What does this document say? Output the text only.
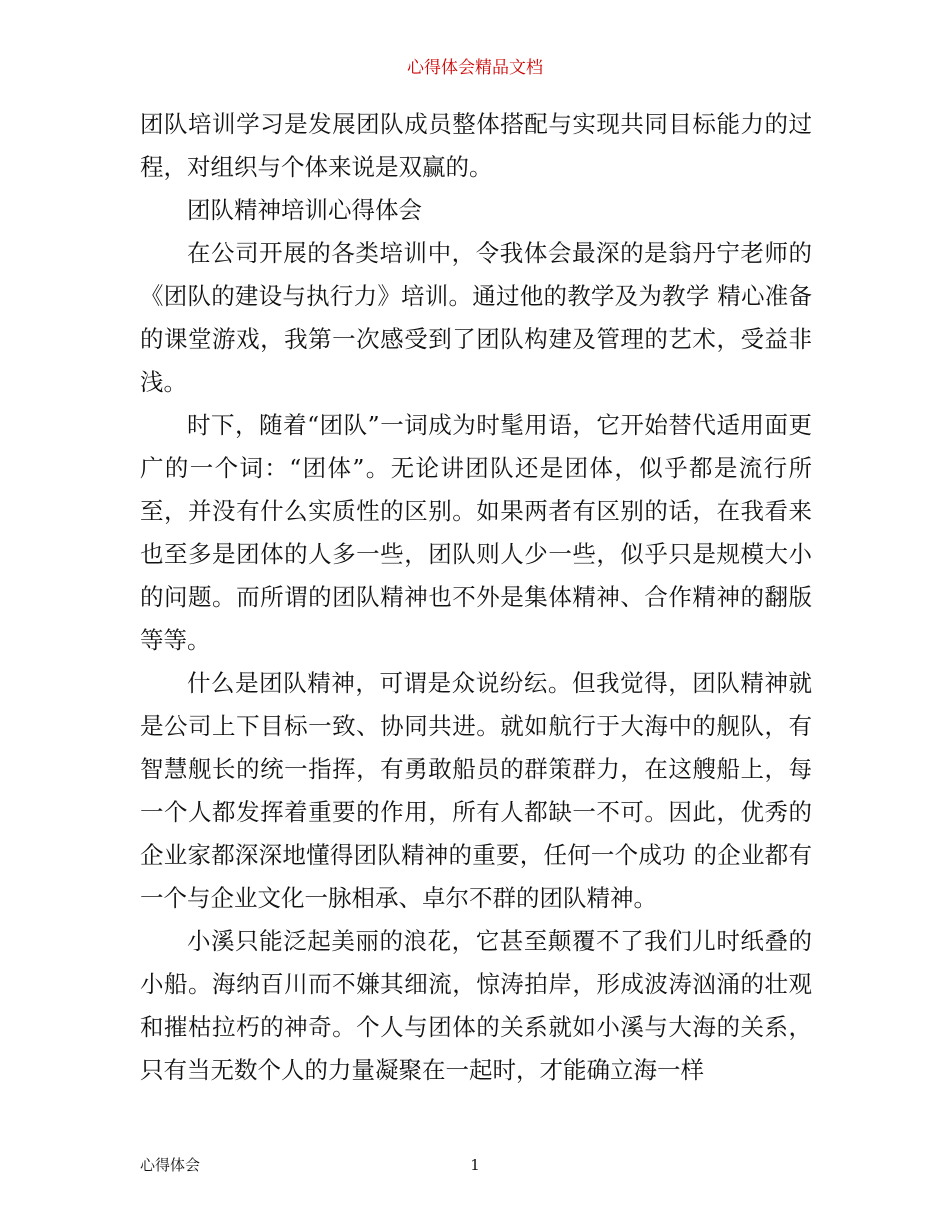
心得体会精品文档

团队培训学习是发展团队成员整体搭配与实现共同目标能力的过程，对组织与个体来说是双赢的。

团队精神培训心得体会

在公司开展的各类培训中，令我体会最深的是翁丹宁老师的《团队的建设与执行力》培训。通过他的教学及为教学 精心准备的课堂游戏，我第一次感受到了团队构建及管理的艺术，受益非浅。

时下，随着“团队”一词成为时髦用语，它开始替代适用面更广的一个词：“团体”。无论讲团队还是团体，似乎都是流行所至，并没有什么实质性的区别。如果两者有区别的话，在我看来也至多是团体的人多一些，团队则人少一些，似乎只是规模大小的问题。而所谓的团队精神也不外是集体精神、合作精神的翻版等等。

什么是团队精神，可谓是众说纷纭。但我觉得，团队精神就是公司上下目标一致、协同共进。就如航行于大海中的舰队，有智慧舰长的统一指挥，有勇敢船员的群策群力，在这艘船上，每一个人都发挥着重要的作用，所有人都缺一不可。因此，优秀的企业家都深深地懂得团队精神的重要，任何一个成功 的企业都有一个与企业文化一脉相承、卓尔不群的团队精神。

小溪只能泛起美丽的浪花，它甚至颠覆不了我们儿时纸叠的小船。海纳百川而不嫌其细流，惊涛拍岸，形成波涛汹涌的壮观和摧枯拉朽的神奇。个人与团体的关系就如小溪与大海的关系，只有当无数个人的力量凝聚在一起时，才能确立海一样

心得体会	1
